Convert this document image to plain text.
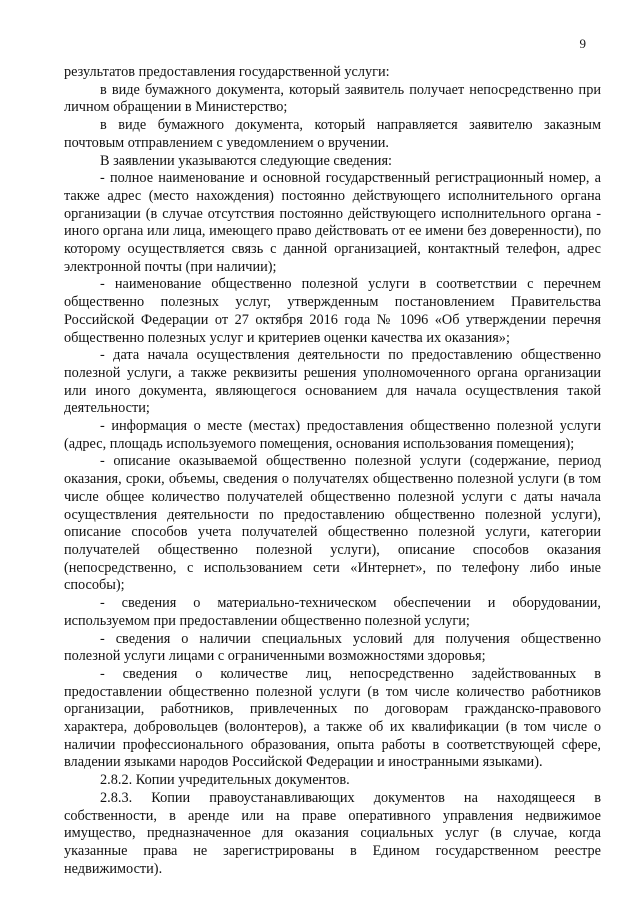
9

результатов предоставления государственной услуги:

в виде бумажного документа, который заявитель получает непосредственно при личном обращении в Министерство;

в виде бумажного документа, который направляется заявителю заказным почтовым отправлением с уведомлением о вручении.

В заявлении указываются следующие сведения:

- полное наименование и основной государственный регистрационный номер, а также адрес (место нахождения) постоянно действующего исполнительного органа организации (в случае отсутствия постоянно действующего исполнительного органа - иного органа или лица, имеющего право действовать от ее имени без доверенности), по которому осуществляется связь с данной организацией, контактный телефон, адрес электронной почты (при наличии);

- наименование общественно полезной услуги в соответствии с перечнем общественно полезных услуг, утвержденным постановлением Правительства Российской Федерации от 27 октября 2016 года № 1096 «Об утверждении перечня общественно полезных услуг и критериев оценки качества их оказания»;

- дата начала осуществления деятельности по предоставлению общественно полезной услуги, а также реквизиты решения уполномоченного органа организации или иного документа, являющегося основанием для начала осуществления такой деятельности;

- информация о месте (местах) предоставления общественно полезной услуги (адрес, площадь используемого помещения, основания использования помещения);

- описание оказываемой общественно полезной услуги (содержание, период оказания, сроки, объемы, сведения о получателях общественно полезной услуги (в том числе общее количество получателей общественно полезной услуги с даты начала осуществления деятельности по предоставлению общественно полезной услуги), описание способов учета получателей общественно полезной услуги, категории получателей общественно полезной услуги), описание способов оказания (непосредственно, с использованием сети «Интернет», по телефону либо иные способы);

- сведения о материально-техническом обеспечении и оборудовании, используемом при предоставлении общественно полезной услуги;

- сведения о наличии специальных условий для получения общественно полезной услуги лицами с ограниченными возможностями здоровья;

- сведения о количестве лиц, непосредственно задействованных в предоставлении общественно полезной услуги (в том числе количество работников организации, работников, привлеченных по договорам гражданско-правового характера, добровольцев (волонтеров), а также об их квалификации (в том числе о наличии профессионального образования, опыта работы в соответствующей сфере, владении языками народов Российской Федерации и иностранными языками).

2.8.2. Копии учредительных документов.

2.8.3. Копии правоустанавливающих документов на находящееся в собственности, в аренде или на праве оперативного управления недвижимое имущество, предназначенное для оказания социальных услуг (в случае, когда указанные права не зарегистрированы в Едином государственном реестре недвижимости).
